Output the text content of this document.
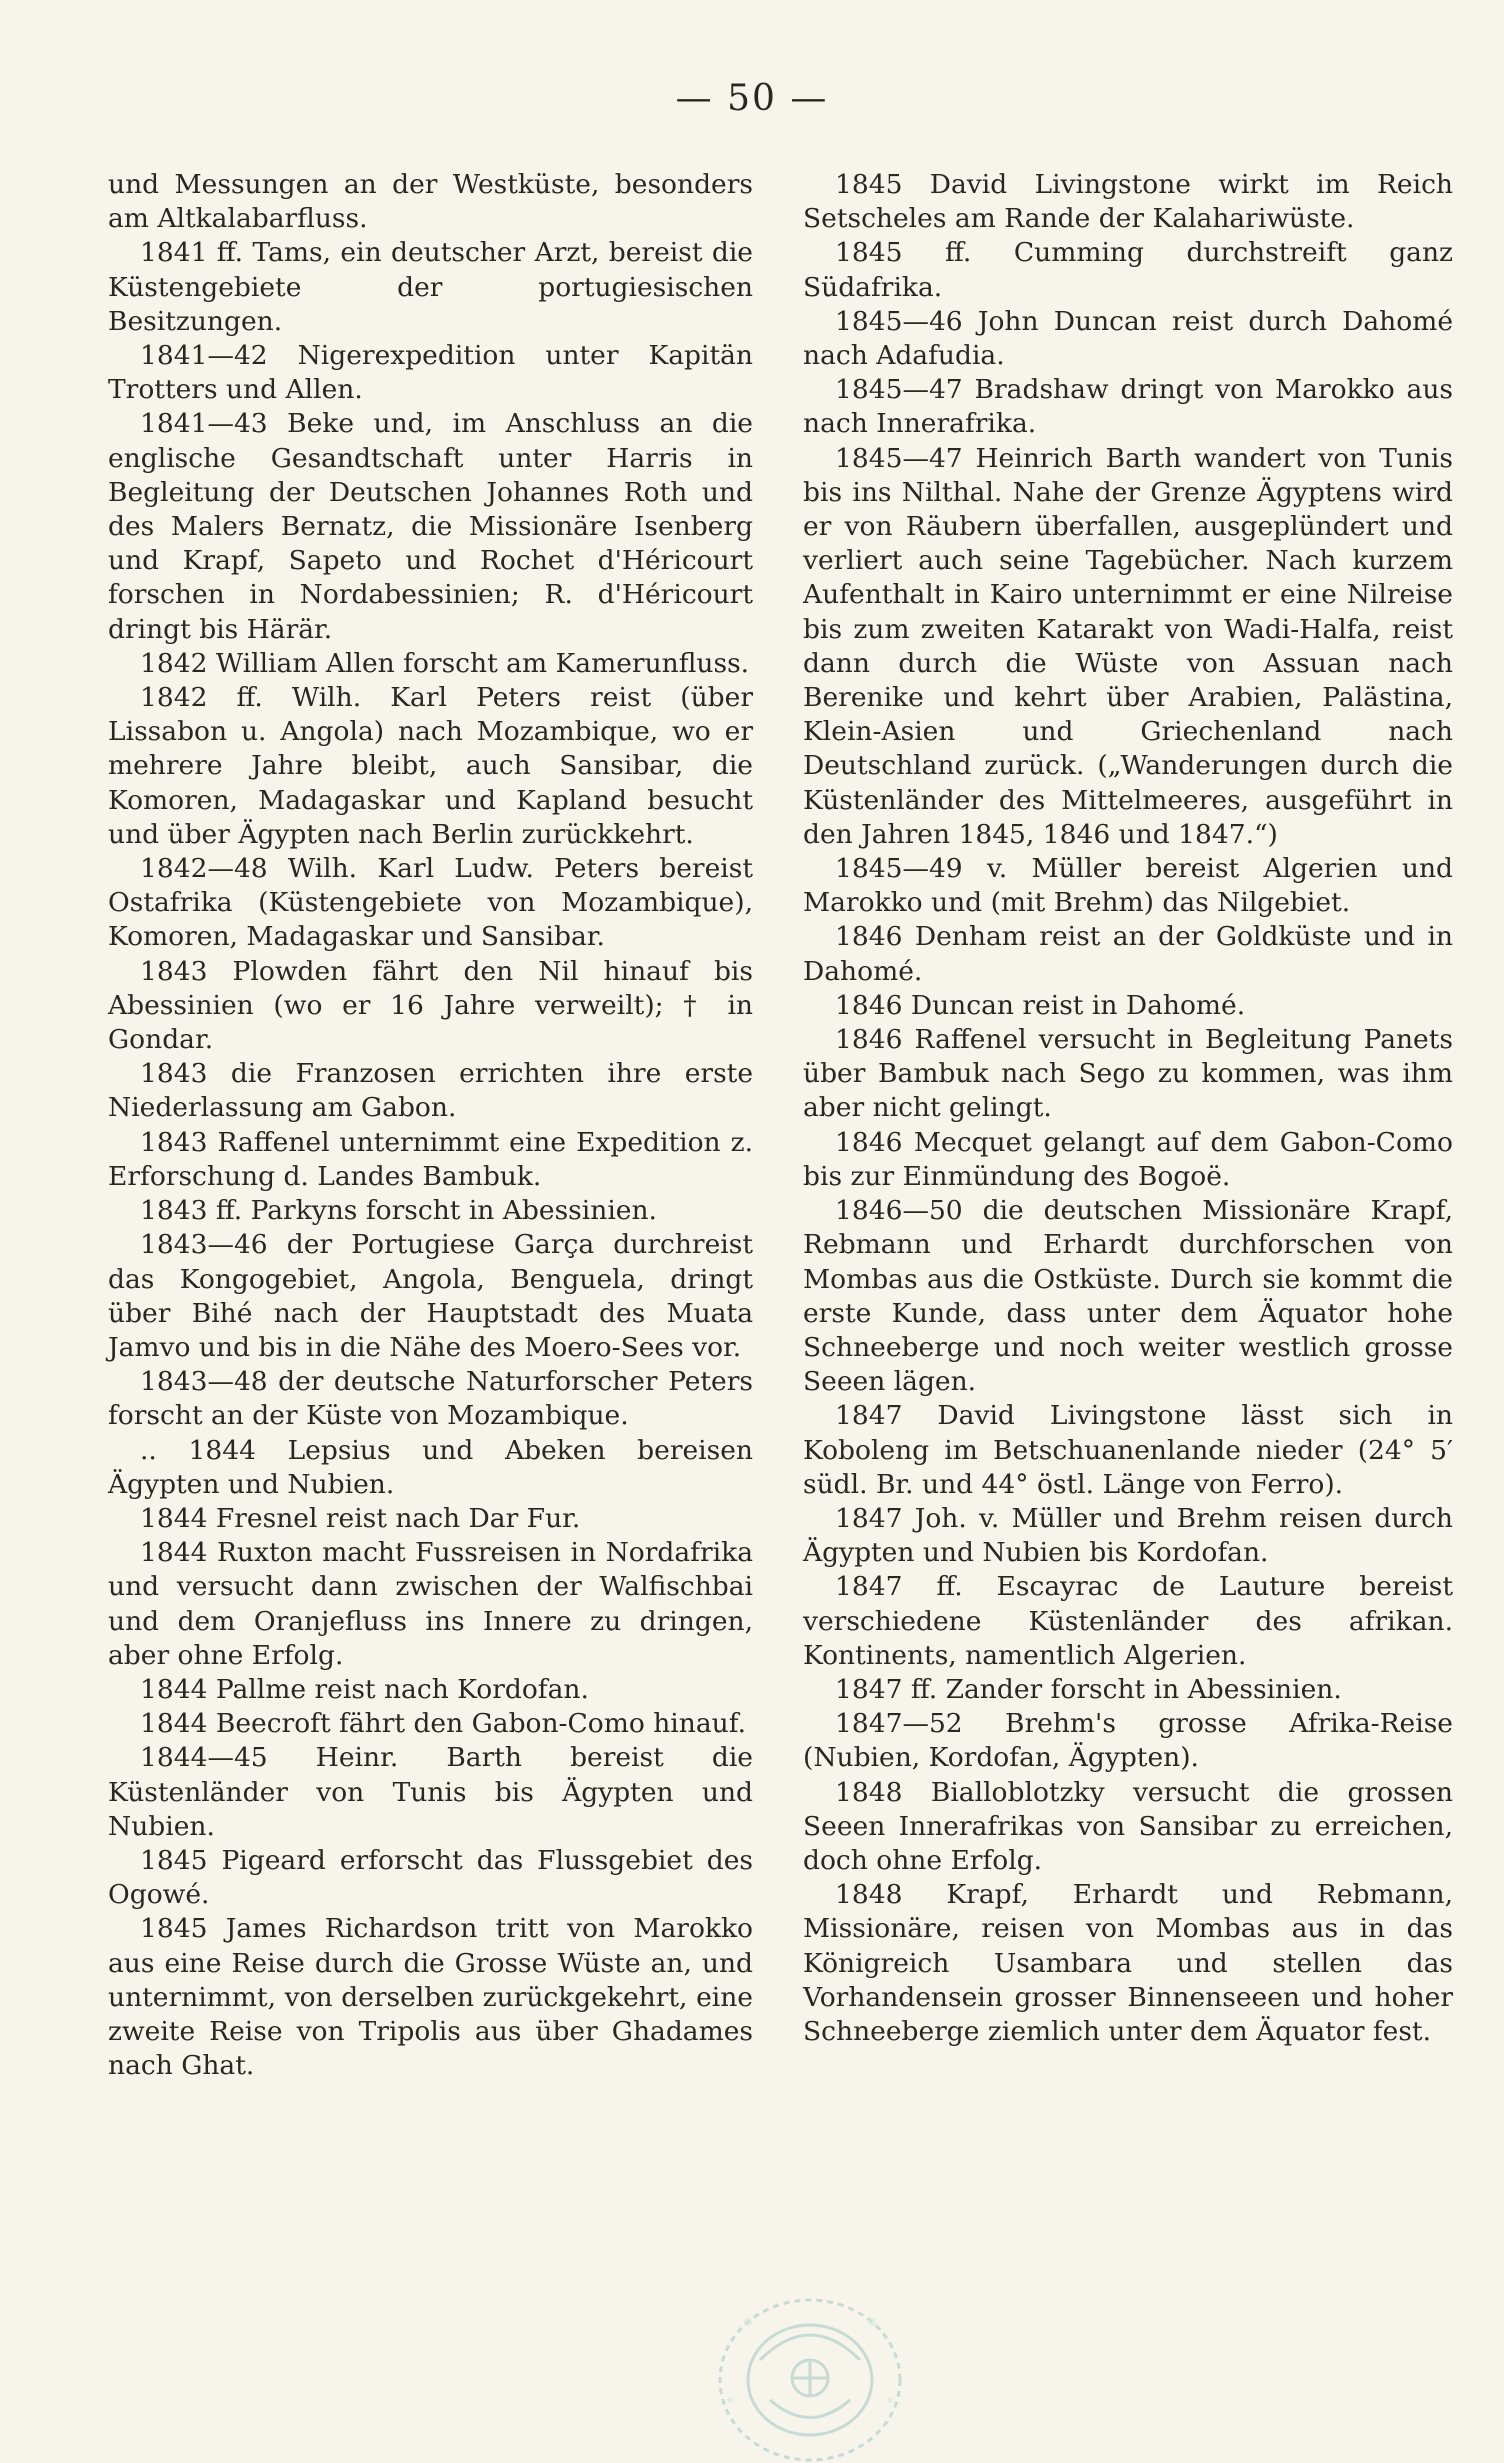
— 50 —

und Messungen an der Westküste, besonders am Altkalabarfluss.

1841 ff. Tams, ein deutscher Arzt, bereist die Küstengebiete der portugiesischen Besitzungen.

1841—42 Nigerexpedition unter Kapitän Trotters und Allen.

1841—43 Beke und, im Anschluss an die englische Gesandtschaft unter Harris in Begleitung der Deutschen Johannes Roth und des Malers Bernatz, die Missionäre Isenberg und Krapf, Sapeto und Rochet d'Héricourt forschen in Nordabessinien; R. d'Héricourt dringt bis Härär.

1842 William Allen forscht am Kamerunfluss.

1842 ff. Wilh. Karl Peters reist (über Lissabon u. Angola) nach Mozambique, wo er mehrere Jahre bleibt, auch Sansibar, die Komoren, Madagaskar und Kapland besucht und über Ägypten nach Berlin zurückkehrt.

1842—48 Wilh. Karl Ludw. Peters bereist Ostafrika (Küstengebiete von Mozambique), Komoren, Madagaskar und Sansibar.

1843 Plowden fährt den Nil hinauf bis Abessinien (wo er 16 Jahre verweilt); † in Gondar.

1843 die Franzosen errichten ihre erste Niederlassung am Gabon.

1843 Raffenel unternimmt eine Expedition z. Erforschung d. Landes Bambuk.

1843 ff. Parkyns forscht in Abessinien.

1843—46 der Portugiese Garça durchreist das Kongogebiet, Angola, Benguela, dringt über Bihé nach der Hauptstadt des Muata Jamvo und bis in die Nähe des Moero-Sees vor.

1843—48 der deutsche Naturforscher Peters forscht an der Küste von Mozambique.

.. 1844 Lepsius und Abeken bereisen Ägypten und Nubien.

1844 Fresnel reist nach Dar Fur.

1844 Ruxton macht Fussreisen in Nordafrika und versucht dann zwischen der Walfischbai und dem Oranjefluss ins Innere zu dringen, aber ohne Erfolg.

1844 Pallme reist nach Kordofan.

1844 Beecroft fährt den Gabon-Como hinauf.

1844—45 Heinr. Barth bereist die Küstenländer von Tunis bis Ägypten und Nubien.

1845 Pigeard erforscht das Flussgebiet des Ogowé.

1845 James Richardson tritt von Marokko aus eine Reise durch die Grosse Wüste an, und unternimmt, von derselben zurückgekehrt, eine zweite Reise von Tripolis aus über Ghadames nach Ghat.

1845 David Livingstone wirkt im Reich Setscheles am Rande der Kalahariwüste.

1845 ff. Cumming durchstreift ganz Südafrika.

1845—46 John Duncan reist durch Dahomé nach Adafudia.

1845—47 Bradshaw dringt von Marokko aus nach Innerafrika.

1845—47 Heinrich Barth wandert von Tunis bis ins Nilthal. Nahe der Grenze Ägyptens wird er von Räubern überfallen, ausgeplündert und verliert auch seine Tagebücher. Nach kurzem Aufenthalt in Kairo unternimmt er eine Nilreise bis zum zweiten Katarakt von Wadi-Halfa, reist dann durch die Wüste von Assuan nach Berenike und kehrt über Arabien, Palästina, Klein-Asien und Griechenland nach Deutschland zurück. („Wanderungen durch die Küstenländer des Mittelmeeres, ausgeführt in den Jahren 1845, 1846 und 1847.“)

1845—49 v. Müller bereist Algerien und Marokko und (mit Brehm) das Nilgebiet.

1846 Denham reist an der Goldküste und in Dahomé.

1846 Duncan reist in Dahomé.

1846 Raffenel versucht in Begleitung Panets über Bambuk nach Sego zu kommen, was ihm aber nicht gelingt.

1846 Mecquet gelangt auf dem Gabon-Como bis zur Einmündung des Bogoë.

1846—50 die deutschen Missionäre Krapf, Rebmann und Erhardt durchforschen von Mombas aus die Ostküste. Durch sie kommt die erste Kunde, dass unter dem Äquator hohe Schneeberge und noch weiter westlich grosse Seeen lägen.

1847 David Livingstone lässt sich in Koboleng im Betschuanenlande nieder (24° 5′ südl. Br. und 44° östl. Länge von Ferro).

1847 Joh. v. Müller und Brehm reisen durch Ägypten und Nubien bis Kordofan.

1847 ff. Escayrac de Lauture bereist verschiedene Küstenländer des afrikan. Kontinents, namentlich Algerien.

1847 ff. Zander forscht in Abessinien.

1847—52 Brehm's grosse Afrika-Reise (Nubien, Kordofan, Ägypten).

1848 Bialloblotzky versucht die grossen Seeen Innerafrikas von Sansibar zu erreichen, doch ohne Erfolg.

1848 Krapf, Erhardt und Rebmann, Missionäre, reisen von Mombas aus in das Königreich Usambara und stellen das Vorhandensein grosser Binnenseeen und hoher Schneeberge ziemlich unter dem Äquator fest.
